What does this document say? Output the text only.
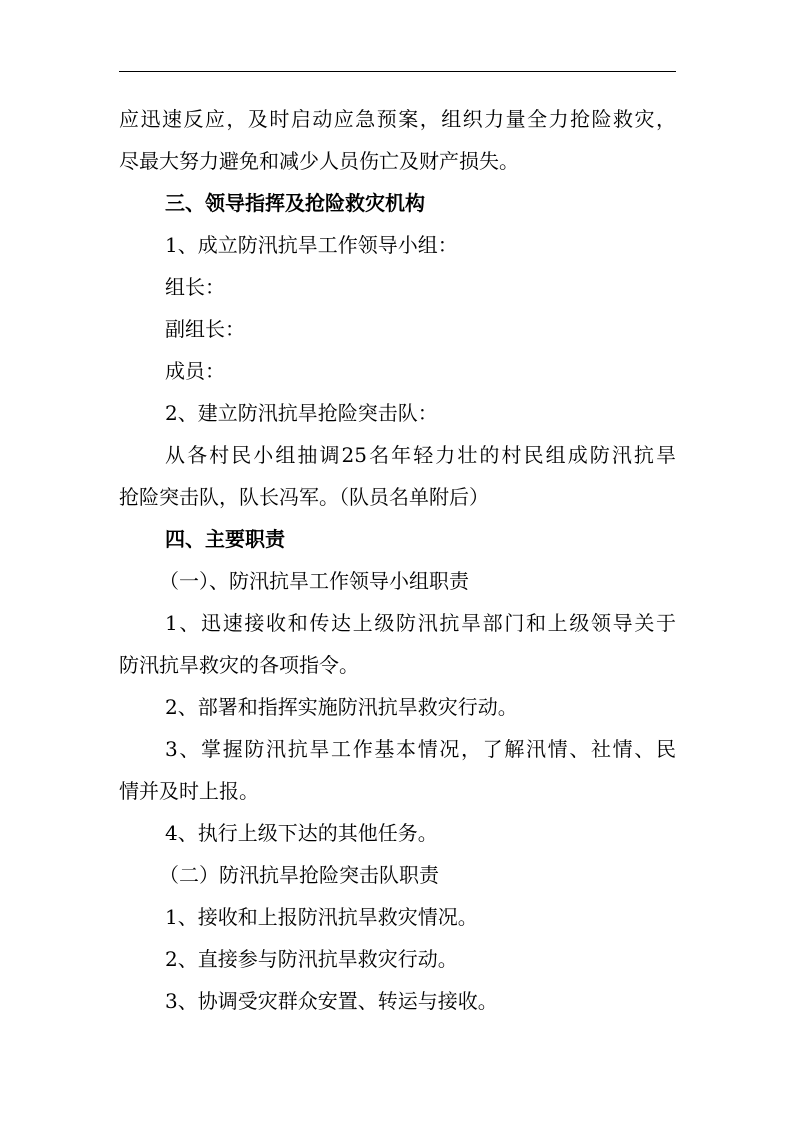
应迅速反应，及时启动应急预案，组织力量全力抢险救灾，
尽最大努力避免和减少人员伤亡及财产损失。
三、领导指挥及抢险救灾机构
1、成立防汛抗旱工作领导小组：
组长：
副组长：
成员：
2、建立防汛抗旱抢险突击队：
从各村民小组抽调25名年轻力壮的村民组成防汛抗旱
抢险突击队，队长冯军。（队员名单附后）
四、主要职责
（一）、防汛抗旱工作领导小组职责
1、迅速接收和传达上级防汛抗旱部门和上级领导关于
防汛抗旱救灾的各项指令。
2、部署和指挥实施防汛抗旱救灾行动。
3、掌握防汛抗旱工作基本情况，了解汛情、社情、民
情并及时上报。
4、执行上级下达的其他任务。
（二）防汛抗旱抢险突击队职责
1、接收和上报防汛抗旱救灾情况。
2、直接参与防汛抗旱救灾行动。
3、协调受灾群众安置、转运与接收。
